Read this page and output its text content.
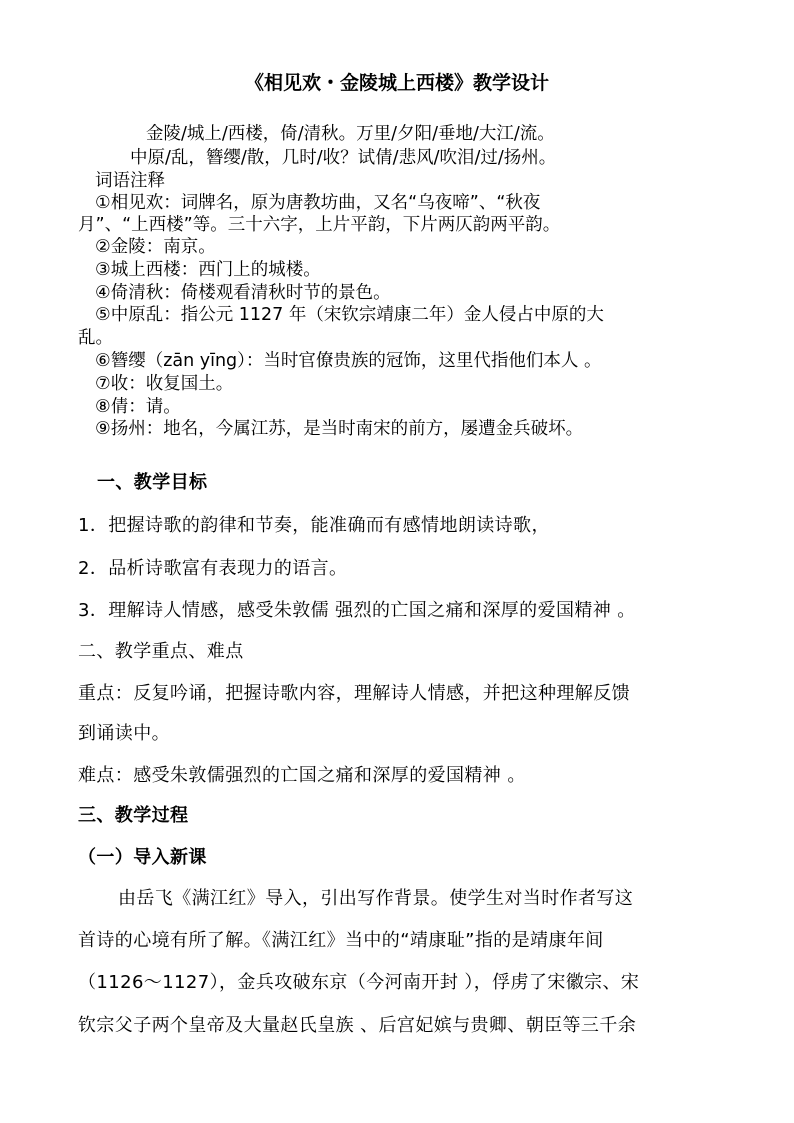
《相见欢・金陵城上西楼》教学设计
金陵/城上/西楼，倚/清秋。万里/夕阳/垂地/大江/流。
中原/乱，簪缨/散，几时/收？试倩/悲风/吹泪/过/扬州。
词语注释
①相见欢：词牌名，原为唐教坊曲，又名“乌夜啼”、“秋夜
月”、“上西楼”等。三十六字，上片平韵，下片两仄韵两平韵。
②金陵：南京。
③城上西楼：西门上的城楼。
④倚清秋：倚楼观看清秋时节的景色。
⑤中原乱：指公元 1127 年（宋钦宗靖康二年）金人侵占中原的大
乱。
⑥簪缨（zān yīng）：当时官僚贵族的冠饰，这里代指他们本人 。
⑦收：收复国土。
⑧倩：请。
⑨扬州：地名，今属江苏，是当时南宋的前方，屡遭金兵破坏。
一、教学目标
1．把握诗歌的韵律和节奏，能准确而有感情地朗读诗歌，
2．品析诗歌富有表现力的语言。
3．理解诗人情感，感受朱敦儒 强烈的亡国之痛和深厚的爱国精神 。
二、教学重点、难点
重点：反复吟诵，把握诗歌内容，理解诗人情感，并把这种理解反馈
到诵读中。
难点：感受朱敦儒强烈的亡国之痛和深厚的爱国精神 。
三、教学过程
（一）导入新课
由岳飞《满江红》导入，引出写作背景。使学生对当时作者写这
首诗的心境有所了解。《满江红》当中的“靖康耻”指的是靖康年间
（1126～1127），金兵攻破东京（今河南开封 ），俘虏了宋徽宗、宋
钦宗父子两个皇帝及大量赵氏皇族 、后宫妃嫔与贵卿、朝臣等三千余
